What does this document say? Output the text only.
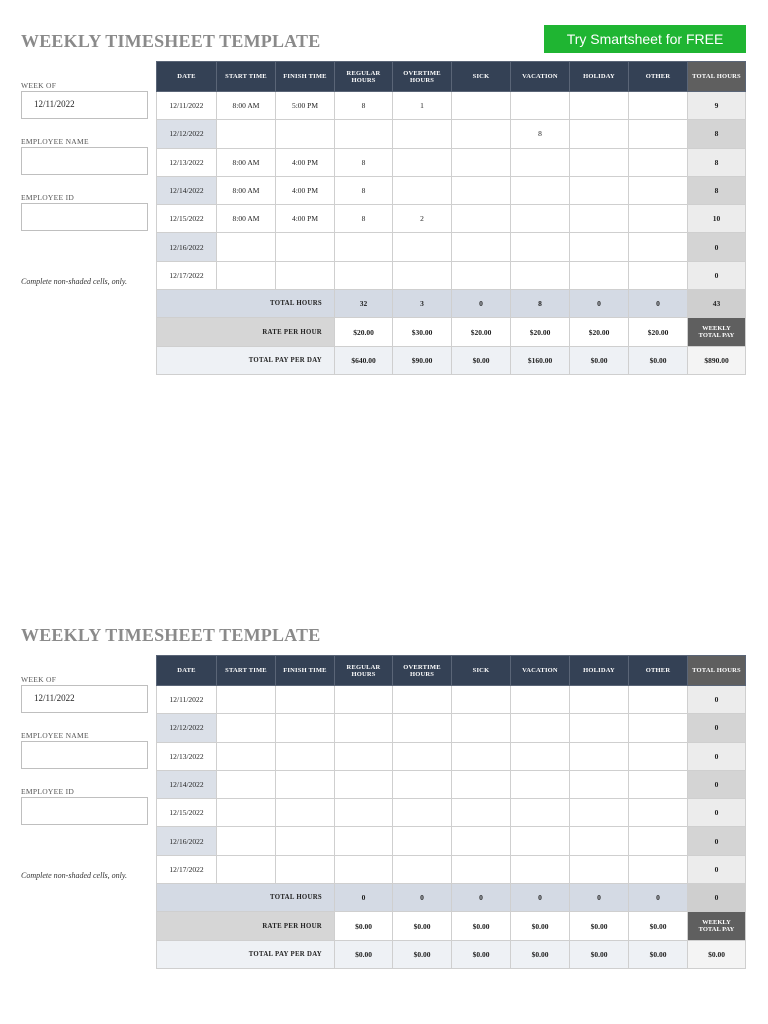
WEEKLY TIMESHEET TEMPLATE
WEEK OF
12/11/2022
EMPLOYEE NAME
EMPLOYEE ID
Complete non-shaded cells, only.
DATE	START TIME	FINISH TIME	REGULAR
HOURS	OVERTIME
HOURS	SICK	VACATION	HOLIDAY	OTHER	TOTAL HOURS
12/11/2022	8:00 AM	5:00 PM	8	1					9
12/12/2022						8			8
12/13/2022	8:00 AM	4:00 PM	8						8
12/14/2022	8:00 AM	4:00 PM	8						8
12/15/2022	8:00 AM	4:00 PM	8	2					10
12/16/2022									0
12/17/2022									0
TOTAL HOURS			32	3	0	8	0	0	43
RATE PER HOUR			$20.00	$30.00	$20.00	$20.00	$20.00	$20.00	WEEKLY
TOTAL PAY
TOTAL PAY PER DAY			$640.00	$90.00	$0.00	$160.00	$0.00	$0.00	$890.00
WEEKLY TIMESHEET TEMPLATE
WEEK OF
12/11/2022
EMPLOYEE NAME
EMPLOYEE ID
Complete non-shaded cells, only.
DATE	START TIME	FINISH TIME	REGULAR
HOURS	OVERTIME
HOURS	SICK	VACATION	HOLIDAY	OTHER	TOTAL HOURS
12/11/2022									0
12/12/2022									0
12/13/2022									0
12/14/2022									0
12/15/2022									0
12/16/2022									0
12/17/2022									0
TOTAL HOURS			0	0	0	0	0	0	0
RATE PER HOUR			$0.00	$0.00	$0.00	$0.00	$0.00	$0.00	WEEKLY
TOTAL PAY
TOTAL PAY PER DAY			$0.00	$0.00	$0.00	$0.00	$0.00	$0.00	$0.00
Try Smartsheet for FREE
